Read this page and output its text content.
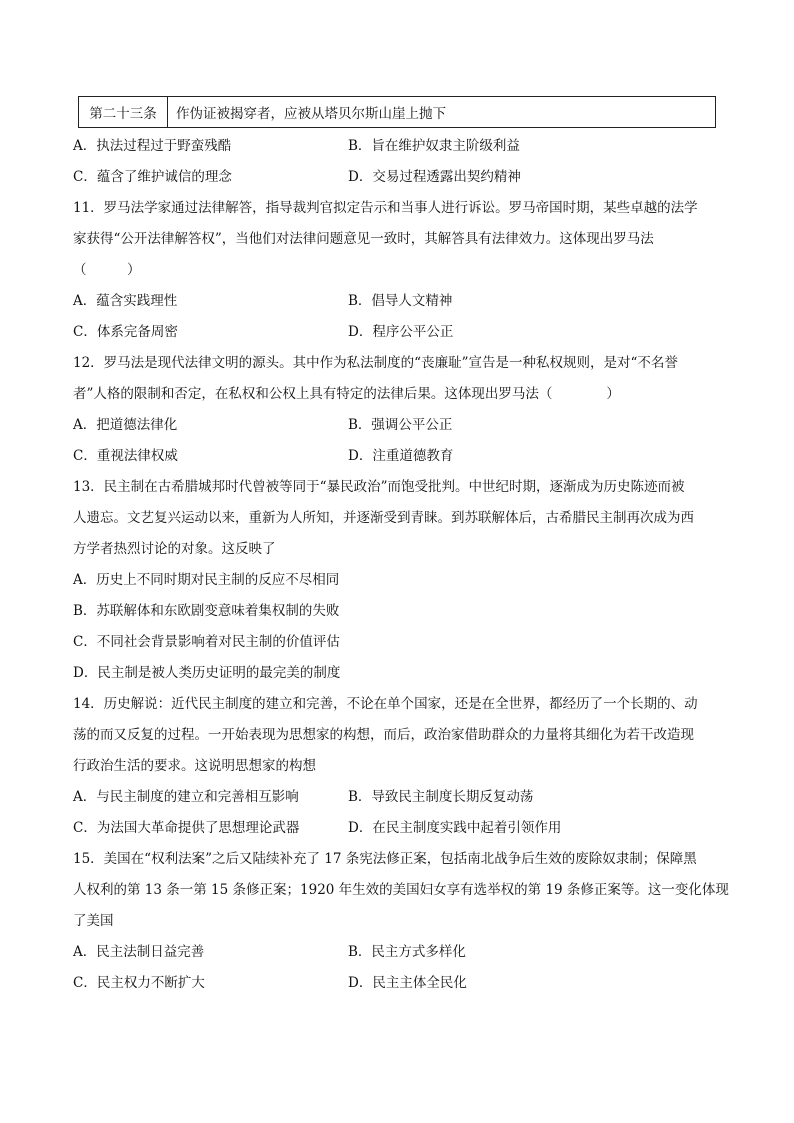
第二十三条	作伪证被揭穿者，应被从塔贝尔斯山崖上抛下
A．执法过程过于野蛮残酷	B．旨在维护奴隶主阶级利益
C．蕴含了维护诚信的理念	D．交易过程透露出契约精神
11．罗马法学家通过法律解答，指导裁判官拟定告示和当事人进行诉讼。罗马帝国时期，某些卓越的法学
家获得“公开法律解答权”，当他们对法律问题意见一致时，其解答具有法律效力。这体现出罗马法
（　　　）
A．蕴含实践理性	B．倡导人文精神
C．体系完备周密	D．程序公平公正
12．罗马法是现代法律文明的源头。其中作为私法制度的“丧廉耻”宣告是一种私权规则，是对“不名誉
者”人格的限制和否定，在私权和公权上具有特定的法律后果。这体现出罗马法（　　　　）
A．把道德法律化	B．强调公平公正
C．重视法律权威	D．注重道德教育
13．民主制在古希腊城邦时代曾被等同于“暴民政治”而饱受批判。中世纪时期，逐渐成为历史陈迹而被
人遗忘。文艺复兴运动以来，重新为人所知，并逐渐受到青睐。到苏联解体后，古希腊民主制再次成为西
方学者热烈讨论的对象。这反映了
A．历史上不同时期对民主制的反应不尽相同
B．苏联解体和东欧剧变意味着集权制的失败
C．不同社会背景影响着对民主制的价值评估
D．民主制是被人类历史证明的最完美的制度
14．历史解说：近代民主制度的建立和完善，不论在单个国家，还是在全世界，都经历了一个长期的、动
荡的而又反复的过程。一开始表现为思想家的构想，而后，政治家借助群众的力量将其细化为若干改造现
行政治生活的要求。这说明思想家的构想
A．与民主制度的建立和完善相互影响	B．导致民主制度长期反复动荡
C．为法国大革命提供了思想理论武器	D．在民主制度实践中起着引领作用
15．美国在“权利法案”之后又陆续补充了 17 条宪法修正案，包括南北战争后生效的废除奴隶制；保障黑
人权利的第 13 条一第 15 条修正案；1920 年生效的美国妇女享有选举权的第 19 条修正案等。这一变化体现
了美国
A．民主法制日益完善	B．民主方式多样化
C．民主权力不断扩大	D．民主主体全民化
